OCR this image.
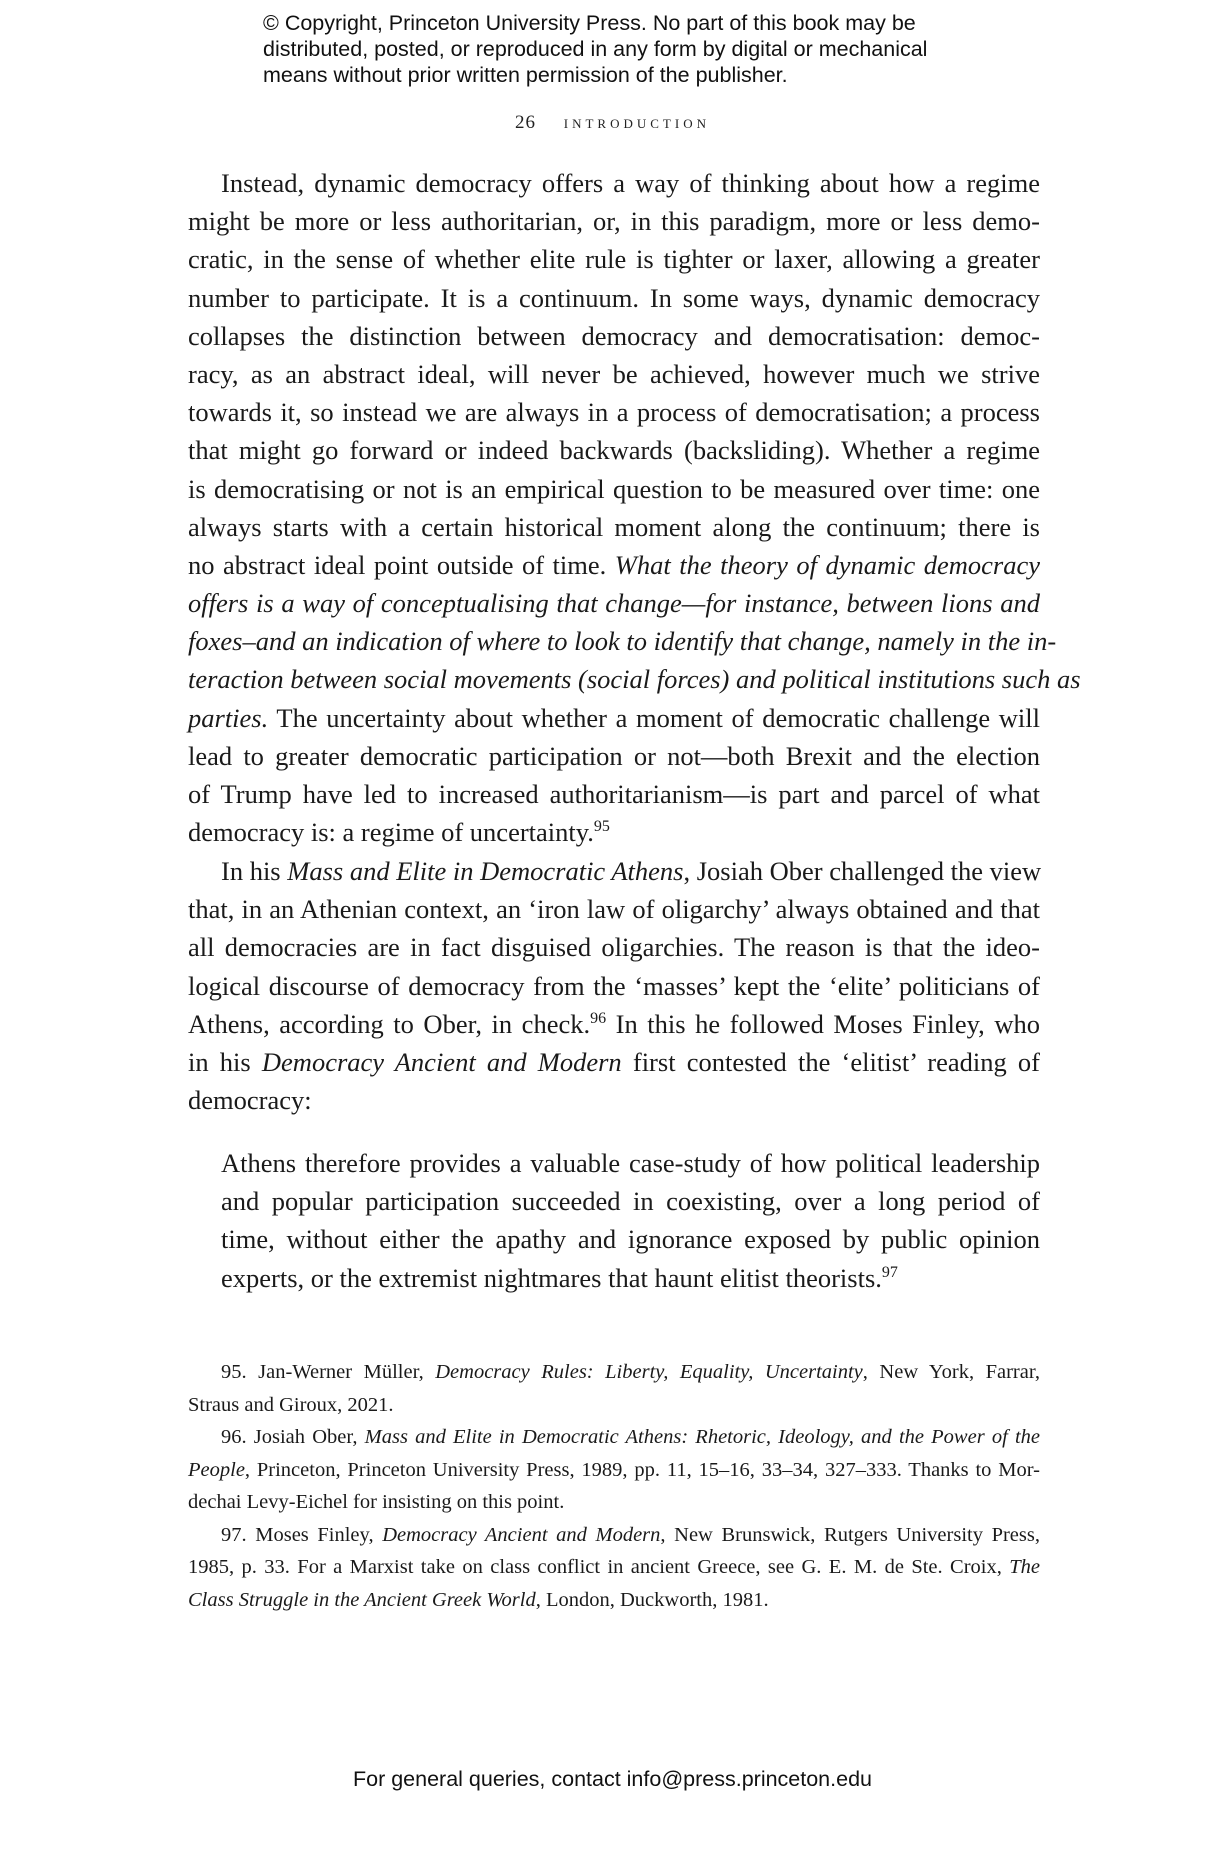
© Copyright, Princeton University Press. No part of this book may be
distributed, posted, or reproduced in any form by digital or mechanical
means without prior written permission of the publisher.
26 introduction
Instead, dynamic democracy offers a way of thinking about how a regime
might be more or less authoritarian, or, in this paradigm, more or less demo-
cratic, in the sense of whether elite rule is tighter or laxer, allowing a greater
number to participate. It is a continuum. In some ways, dynamic democracy
collapses the distinction between democracy and democratisation: democ-
racy, as an abstract ideal, will never be achieved, however much we strive
towards it, so instead we are always in a process of democratisation; a process
that might go forward or indeed backwards (backsliding). Whether a regime
is democratising or not is an empirical question to be measured over time: one
always starts with a certain historical moment along the continuum; there is
no abstract ideal point outside of time. What the theory of dynamic democracy
offers is a way of conceptualising that change—for instance, between lions and
foxes–and an indication of where to look to identify that change, namely in the in-
teraction between social movements (social forces) and political institutions such as
parties. The uncertainty about whether a moment of democratic challenge will
lead to greater democratic participation or not—both Brexit and the election
of Trump have led to increased authoritarianism—is part and parcel of what
democracy is: a regime of uncertainty.$^{95}$
In his Mass and Elite in Democratic Athens, Josiah Ober challenged the view
that, in an Athenian context, an ‘iron law of oligarchy’ always obtained and that
all democracies are in fact disguised oligarchies. The reason is that the ideo-
logical discourse of democracy from the ‘masses’ kept the ‘elite’ politicians of
Athens, according to Ober, in check.$^{96}$ In this he followed Moses Finley, who
in his Democracy Ancient and Modern first contested the ‘elitist’ reading of
democracy:
Athens therefore provides a valuable case-study of how political leadership
and popular participation succeeded in coexisting, over a long period of
time, without either the apathy and ignorance exposed by public opinion
experts, or the extremist nightmares that haunt elitist theorists.$^{97}$
95. Jan-Werner Müller, Democracy Rules: Liberty, Equality, Uncertainty, New York, Farrar,
Straus and Giroux, 2021.
96. Josiah Ober, Mass and Elite in Democratic Athens: Rhetoric, Ideology, and the Power of the
People, Princeton, Princeton University Press, 1989, pp. 11, 15–16, 33–34, 327–333. Thanks to Mor-
dechai Levy-Eichel for insisting on this point.
97. Moses Finley, Democracy Ancient and Modern, New Brunswick, Rutgers University Press,
1985, p. 33. For a Marxist take on class conflict in ancient Greece, see G. E. M. de Ste. Croix, The
Class Struggle in the Ancient Greek World, London, Duckworth, 1981.
For general queries, contact info@press.princeton.edu
